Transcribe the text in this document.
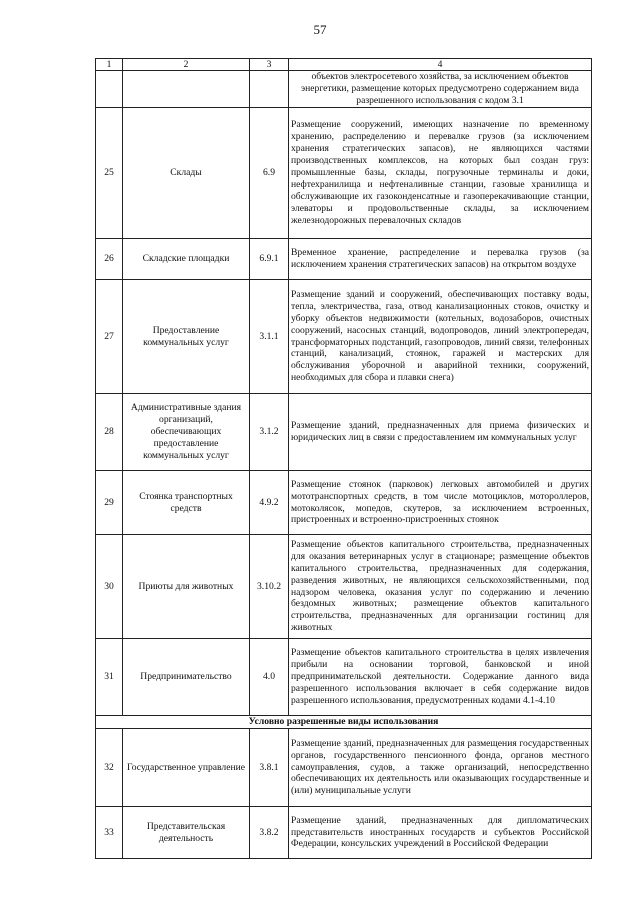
57
1	2	3	4

			объектов электросетевого хозяйства, за исключением объектов энергетики, размещение которых предусмотрено содержанием вида разрешенного использования с кодом 3.1

25	Склады	6.9	Размещение сооружений, имеющих назначение по временному хранению, распределению и перевалке грузов (за исключением хранения стратегических запасов), не являющихся частями производственных комплексов, на которых был создан груз: промышленные базы, склады, погрузочные терминалы и доки, нефтехранилища и нефтеналивные станции, газовые хранилища и обслуживающие их газоконденсатные и газоперекачивающие станции, элеваторы и продовольственные склады, за исключением железнодорожных перевалочных складов

26	Складские площадки	6.9.1	Временное хранение, распределение и перевалка грузов (за исключением хранения стратегических запасов) на открытом воздухе

27	Предоставление коммунальных услуг	3.1.1	Размещение зданий и сооружений, обеспечивающих поставку воды, тепла, электричества, газа, отвод канализационных стоков, очистку и уборку объектов недвижимости (котельных, водозаборов, очистных сооружений, насосных станций, водопроводов, линий электропередач, трансформаторных подстанций, газопроводов, линий связи, телефонных станций, канализаций, стоянок, гаражей и мастерских для обслуживания уборочной и аварийной техники, сооружений, необходимых для сбора и плавки снега)

28	Административные здания организаций, обеспечивающих предоставление коммунальных услуг	3.1.2	Размещение зданий, предназначенных для приема физических и юридических лиц в связи с предоставлением им коммунальных услуг

29	Стоянка транспортных средств	4.9.2	Размещение стоянок (парковок) легковых автомобилей и других мототранспортных средств, в том числе мотоциклов, мотороллеров, мотоколясок, мопедов, скутеров, за исключением встроенных, пристроенных и встроенно-пристроенных стоянок

30	Приюты для животных	3.10.2	Размещение объектов капитального строительства, предназначенных для оказания ветеринарных услуг в стационаре; размещение объектов капитального строительства, предназначенных для содержания, разведения животных, не являющихся сельскохозяйственными, под надзором человека, оказания услуг по содержанию и лечению бездомных животных; размещение объектов капитального строительства, предназначенных для организации гостиниц для животных

31	Предпринимательство	4.0	Размещение объектов капитального строительства в целях извлечения прибыли на основании торговой, банковской и иной предпринимательской деятельности. Содержание данного вида разрешенного использования включает в себя содержание видов разрешенного использования, предусмотренных кодами 4.1-4.10

Условно разрешенные виды использования			
32	Государственное управление	3.8.1	Размещение зданий, предназначенных для размещения государственных органов, государственного пенсионного фонда, органов местного самоуправления, судов, а также организаций, непосредственно обеспечивающих их деятельность или оказывающих государственные и (или) муниципальные услуги

33	Представительская деятельность	3.8.2	Размещение зданий, предназначенных для дипломатических представительств иностранных государств и субъектов Российской Федерации, консульских учреждений в Российской Федерации
